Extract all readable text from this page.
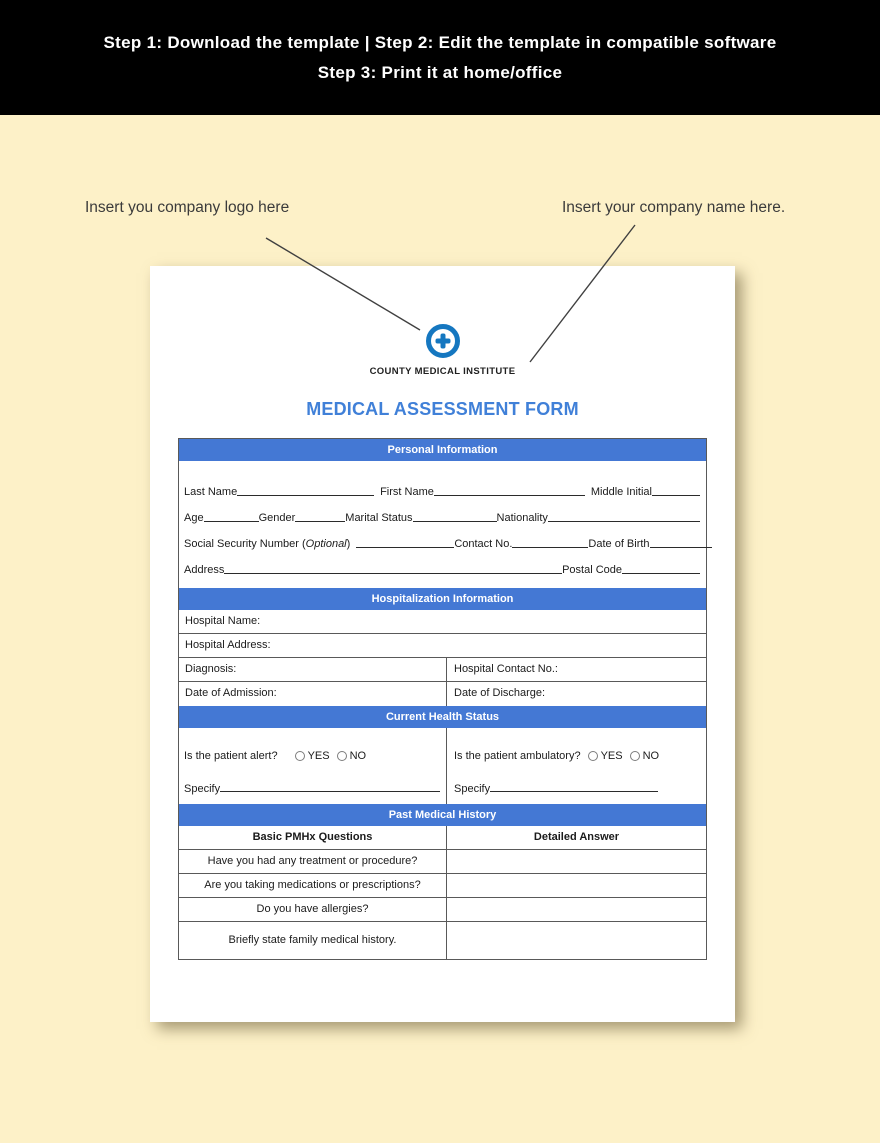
Step 1: Download the template | Step 2: Edit the template in compatible software
Step 3: Print it at home/office
Insert you company logo here	Insert your company name here.
COUNTY MEDICAL INSTITUTE
MEDICAL ASSESSMENT FORM
Personal Information
Last Name	First Name	Middle Initial
Age	Gender	Marital Status	Nationality
Social Security Number (Optional)	Contact No.	Date of Birth
Address	Postal Code
Hospitalization Information
Hospital Name:
Hospital Address:
Diagnosis:	Hospital Contact No.:
Date of Admission:	Date of Discharge:
Current Health Status
Is the patient alert?	YES NO
Specify
Is the patient ambulatory? YES NO
Specify
Past Medical History
Basic PMHx Questions	Detailed Answer
Have you had any treatment or procedure?
Are you taking medications or prescriptions?
Do you have allergies?
Briefly state family medical history.
